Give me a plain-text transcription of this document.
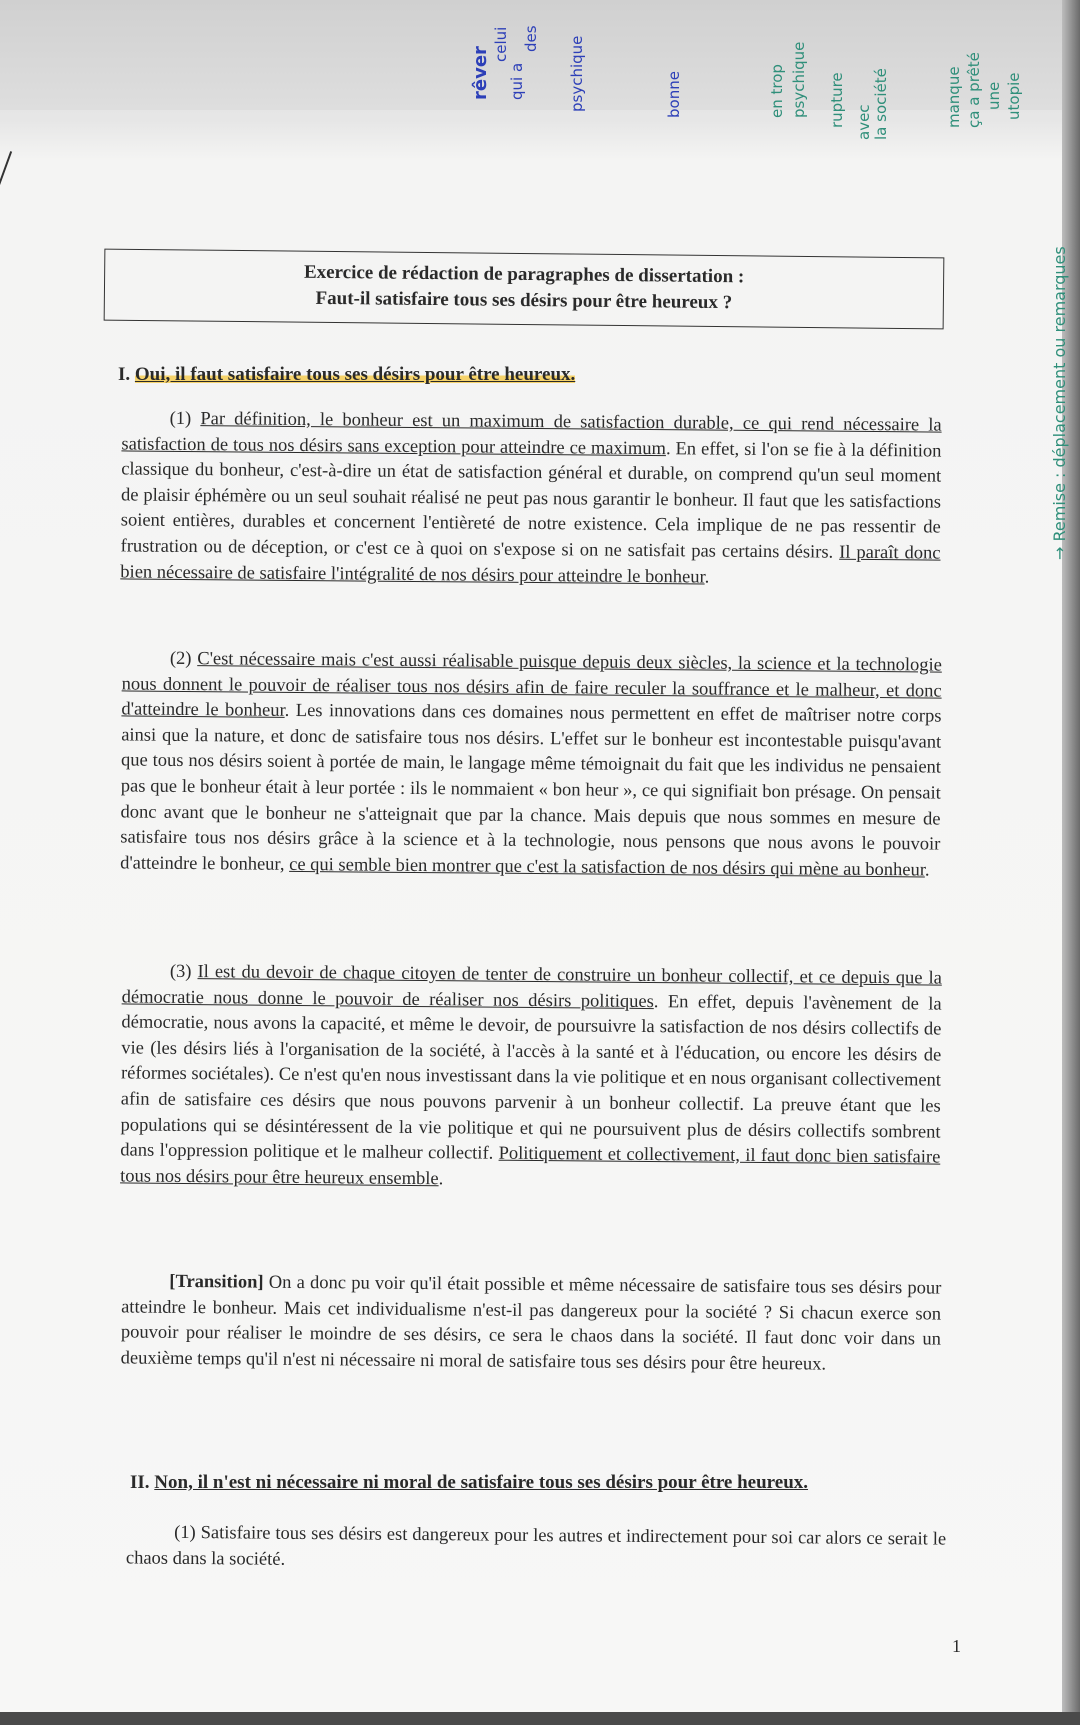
rêver
celui
qui a
des psychique	bonne	en trop psychique rupture avec la société	manque ça a prêté une utopie
→ Remise : déplacement ou remarques
Exercice de rédaction de paragraphes de dissertation :
Faut-il satisfaire tous ses désirs pour être heureux ?
I. Oui, il faut satisfaire tous ses désirs pour être heureux.
(1) Par définition, le bonheur est un maximum de satisfaction durable, ce qui rend nécessaire la satisfaction de tous nos désirs sans exception pour atteindre ce maximum. En effet, si l'on se fie à la définition classique du bonheur, c'est-à-dire un état de satisfaction général et durable, on comprend qu'un seul moment de plaisir éphémère ou un seul souhait réalisé ne peut pas nous garantir le bonheur. Il faut que les satisfactions soient entières, durables et concernent l'entièreté de notre existence. Cela implique de ne pas ressentir de frustration ou de déception, or c'est ce à quoi on s'expose si on ne satisfait pas certains désirs. Il paraît donc bien nécessaire de satisfaire l'intégralité de nos désirs pour atteindre le bonheur.
(2) C'est nécessaire mais c'est aussi réalisable puisque depuis deux siècles, la science et la technologie nous donnent le pouvoir de réaliser tous nos désirs afin de faire reculer la souffrance et le malheur, et donc d'atteindre le bonheur. Les innovations dans ces domaines nous permettent en effet de maîtriser notre corps ainsi que la nature, et donc de satisfaire tous nos désirs. L'effet sur le bonheur est incontestable puisqu'avant que tous nos désirs soient à portée de main, le langage même témoignait du fait que les individus ne pensaient pas que le bonheur était à leur portée : ils le nommaient « bon heur », ce qui signifiait bon présage. On pensait donc avant que le bonheur ne s'atteignait que par la chance. Mais depuis que nous sommes en mesure de satisfaire tous nos désirs grâce à la science et à la technologie, nous pensons que nous avons le pouvoir d'atteindre le bonheur, ce qui semble bien montrer que c'est la satisfaction de nos désirs qui mène au bonheur.
(3) Il est du devoir de chaque citoyen de tenter de construire un bonheur collectif, et ce depuis que la démocratie nous donne le pouvoir de réaliser nos désirs politiques. En effet, depuis l'avènement de la démocratie, nous avons la capacité, et même le devoir, de poursuivre la satisfaction de nos désirs collectifs de vie (les désirs liés à l'organisation de la société, à l'accès à la santé et à l'éducation, ou encore les désirs de réformes sociétales). Ce n'est qu'en nous investissant dans la vie politique et en nous organisant collectivement afin de satisfaire ces désirs que nous pouvons parvenir à un bonheur collectif. La preuve étant que les populations qui se désintéressent de la vie politique et qui ne poursuivent plus de désirs collectifs sombrent dans l'oppression politique et le malheur collectif. Politiquement et collectivement, il faut donc bien satisfaire tous nos désirs pour être heureux ensemble.
[Transition] On a donc pu voir qu'il était possible et même nécessaire de satisfaire tous ses désirs pour atteindre le bonheur. Mais cet individualisme n'est-il pas dangereux pour la société ? Si chacun exerce son pouvoir pour réaliser le moindre de ses désirs, ce sera le chaos dans la société. Il faut donc voir dans un deuxième temps qu'il n'est ni nécessaire ni moral de satisfaire tous ses désirs pour être heureux.
II. Non, il n'est ni nécessaire ni moral de satisfaire tous ses désirs pour être heureux.
(1) Satisfaire tous ses désirs est dangereux pour les autres et indirectement pour soi car alors ce serait le chaos dans la société.
1
